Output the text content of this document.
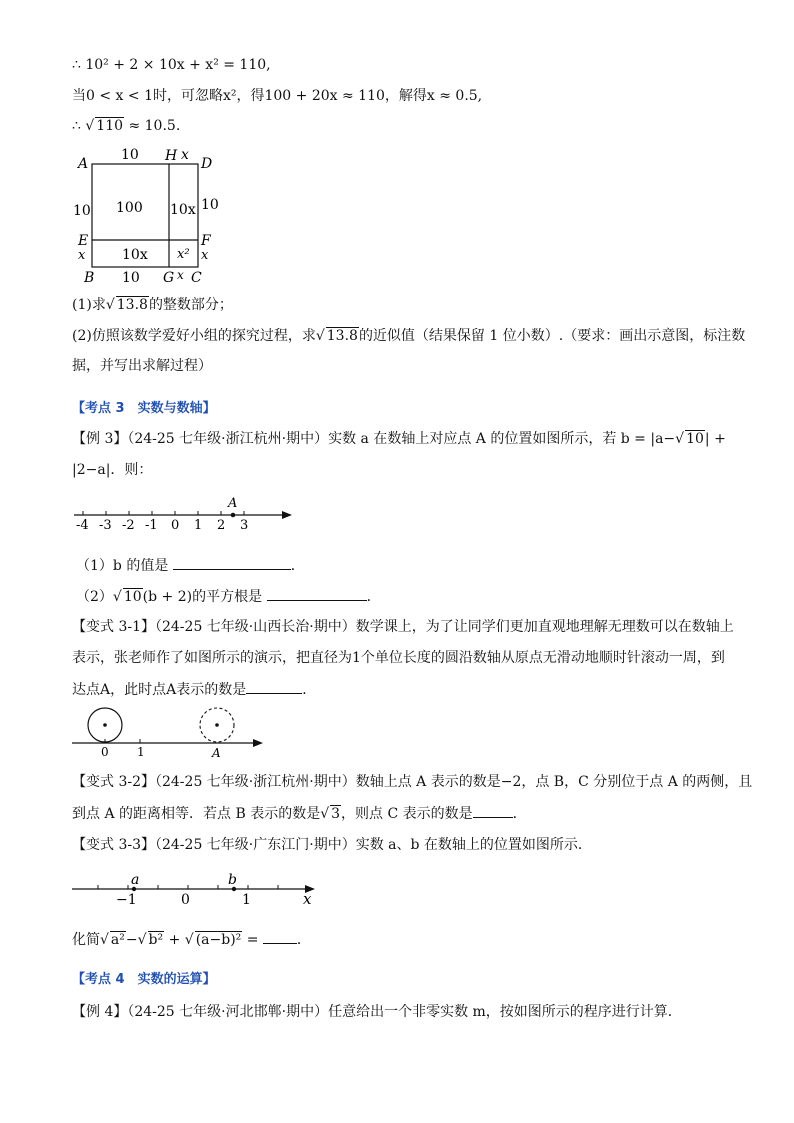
∴ 10² + 2 × 10x + x² = 110,
当0 < x < 1时，可忽略x²，得100 + 20x ≈ 110，解得x ≈ 0.5,
∴ √ 110 ≈ 10.5.
A	H D
E	F
B	G C
10	x
10
x
10
x
10	x
100 10x
10x x²
(1)求√ 13.8的整数部分；
(2)仿照该数学爱好小组的探究过程，求√ 13.8的近似值（结果保留 1 位小数）.（要求：画出示意图，标注数
据，并写出求解过程）
【考点 3　实数与数轴】
【例 3】（24-25 七年级·浙江杭州·期中）实数 a 在数轴上对应点 A 的位置如图所示，若 b = |a−√ 10| +
|2−a|．则：
-4 -3 -2 -1 0 1 2 3
A
（1）b 的值是	．
（2）√ 10(b + 2)的平方根是	．
【变式 3-1】（24-25 七年级·山西长治·期中）数学课上，为了让同学们更加直观地理解无理数可以在数轴上
表示，张老师作了如图所示的演示，把直径为1个单位长度的圆沿数轴从原点无滑动地顺时针滚动一周，到
达点A，此时点A表示的数是	．
0 1	A
【变式 3-2】（24-25 七年级·浙江杭州·期中）数轴上点 A 表示的数是−2，点 B，C 分别位于点 A 的两侧，且
到点 A 的距离相等．若点 B 表示的数是√ 3，则点 C 表示的数是	．
【变式 3-3】（24-25 七年级·广东江门·期中）实数 a、b 在数轴上的位置如图所示．
a	b
−1	0	1	x
化简√ a²−√ b² + √ (a−b)² = ．
【考点 4　实数的运算】
【例 4】（24-25 七年级·河北邯郸·期中）任意给出一个非零实数 m，按如图所示的程序进行计算．
